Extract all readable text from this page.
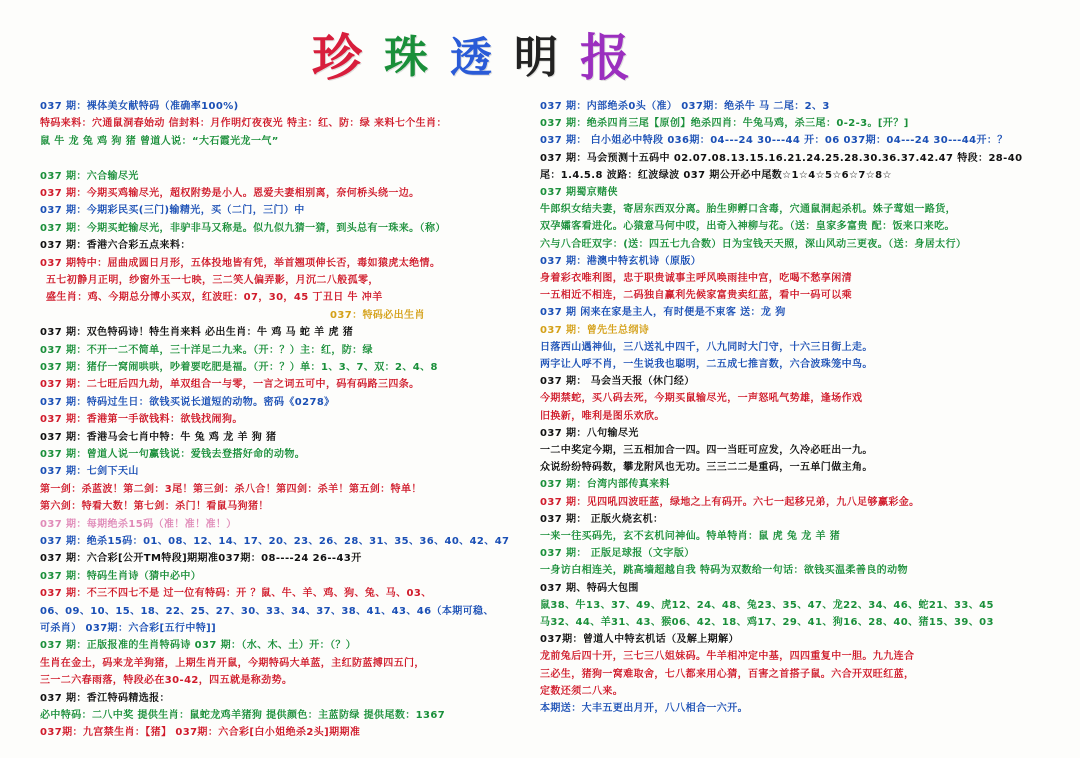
珍 珠 透 明 报
037 期：裸体美女献特码（准确率100%)
特码来料：穴通鼠洞春始动 信封料：月作明灯夜夜光 特主：红、防：绿 来料七个生肖：
鼠 牛 龙 兔 鸡 狗 猪 曾道人说：“大石霞光龙一气”
037 期：六合输尽光
037 期：今期买鸡输尽光，超权附势是小人。恩爱夫妻相别离，奈何桥头绕一边。
037 期：今期彩民买(三门)输精光，买（二门，三门）中
037 期：今期买蛇输尽光，非驴非马又称是。似九似九猜一猜，到头总有一珠来。（称）
037 期：香港六合彩五点来料：
037 期特中：屈曲成圆日月形，五体投地皆有凭，举首翘项伸长否，毒如猿虎太绝情。
五七初静月正明，纱窗外玉一七映，三二笑人偏弄影，月沉二八般孤零，
盛生肖：鸡、今期总分博小买双，红波旺：07，30，45 丁丑日 牛 冲羊
037：特码必出生肖
037 期：双色特码诗！特生肖来料 必出生肖：牛 鸡 马 蛇 羊 虎 猪
037 期：不开一二不简单，三十洋足二九来。（开：？）主：红，防：绿
037 期：猪仔一窝闹哄哄，吵着要吃肥是福。（开：？）单：1、3、7、双：2、4、8
037 期：二七旺后四九劫，单双组合一与零，一言之词五可中，码有码路三四条。
037 期：特码过生日：欲钱买说长道短的动物。密码《0278》
037 期：香港第一手欲钱料：欲钱找闹狗。
037 期：香港马会七肖中特：牛 兔 鸡 龙 羊 狗 猪
037 期：曾道人说一句赢钱说：爱钱去登搭好命的动物。
037 期：七剑下天山
第一剑：杀蓝波！第二剑：3尾！第三剑：杀八合！第四剑：杀羊！第五剑：特单！
第六剑：特看大数！第七剑：杀门！看鼠马狗猪！
037 期：每期绝杀15码（准！准！准！）
037 期：绝杀15码：01、08、12、14、17、20、23、26、28、31、35、36、40、42、47
037 期：六合彩[公开TM特段]期期准037期：08----24 26--43开
037 期：特码生肖诗（猜中必中）
037 期：不三不四七不是 过一位有特码：开 ？鼠、牛、羊、鸡、狗、兔、马、03、
06、09、10、15、18、22、25、27、30、33、34、37、38、41、43、46（本期可稳、
可杀肖） 037期：六合彩[五行中特]]
037 期：正版报准的生肖特码诗 037 期：（水、木、土）开：（？）
生肖在金土，码来龙羊狗猪，上期生肖开鼠，今期特码大单蓝，主红防蓝搏四五门，
三一二六春雨落，特段必在30-42，四五就是称劲势。
037 期：香江特码精选报：
必中特码：二八中奖 提供生肖：鼠蛇龙鸡羊猪狗 提供颜色：主蓝防绿 提供尾数：1367
037期：九宫禁生肖：【猪】 037期：六合彩[白小姐绝杀2头]期期准
037 期：内部绝杀0头（准） 037期：绝杀牛 马 二尾：2、3
037 期：绝杀四肖三尾【原创】绝杀四肖：牛兔马鸡，杀三尾：0-2-3。[开？]
037 期： 白小姐必中特段 036期：04---24 30---44 开：06 037期：04---24 30---44开：？
037 期：马会预测十五码中 02.07.08.13.15.16.21.24.25.28.30.36.37.42.47 特段：28-40
尾：1.4.5.8 波路：红波绿波 037 期公开必中尾数☆1☆4☆5☆6☆7☆8☆
037 期蜀京赌侠
牛郎织女结夫妻，寄居东西双分离。胎生卵孵口含毒，穴通鼠洞起杀机。姝子莺姐一路货，
双孕孀客看进化。心猿意马何中哎，出奇入神柳与花。（送：皇家多富贵 配：饭来口来吃。
六与八合旺双字：(送：四五七九合数）日为宝钱天天照，深山风动三更夜。（送：身居太行）
037 期：港澳中特玄机诗（原版）
身着彩衣唯利图，忠于职贵诚事主呼风唤雨挂中宫，吃喝不愁享闲清
一五相近不相连，二码独自赢利先候家富贵卖红蓝，看中一码可以乘
037 期 闲来在家是主人，有时便是不束客 送：龙 狗
037 期：曾先生总纲诗
日落西山遇神仙，三八送礼中四千，八九同时大门守，十六三日街上走。
两字让人呼不肖，一生说我也聪明，二五成七推言数，六合波珠笼中鸟。
037 期： 马会当天报（休门经）
今期禁蛇，买八码去死，今期买鼠输尽光，一声怒吼气势雄，逢场作戏
旧换新，唯利是图乐欢欣。
037 期：八句输尽光
一二中奖定今期，三五相加合一四。四一当旺可应发，久冷必旺出一九。
众说纷纷特码数，攀龙附风也无功。三三二二是重码，一五单门做主角。
037 期：台湾内部传真来料
037 期：见四吼四波旺蓝，绿地之上有码开。六七一起移兄弟，九八足够赢彩金。
037 期： 正版火烧玄机：
一来一往买码先，玄不玄机问神仙。特单特肖：鼠 虎 兔 龙 羊 猪
037 期： 正版足球报（文字版）
一身访白相连关，跳高墙超越自我 特码为双数给一句话：欲钱买温柔善良的动物
037 期、特码大包围
鼠38、牛13、37、49、虎12、24、48、兔23、35、47、龙22、34、46、蛇21、33、45
马32、44、羊31、43、猴06、42、18、鸡17、29、41、狗16、28、40、猪15、39、03
037期：曾道人中特玄机话（及解上期解）
龙前兔后四十开，三七三八姐妹码。牛羊相冲定中基，四四重复中一胆。九九连合
三必生，猪狗一窝难取舍，七八都来用心猜，百害之首搭子鼠。六合开双旺红蓝，
定数还须二八来。
本期送：大丰五更出月开，八八相合一六开。
